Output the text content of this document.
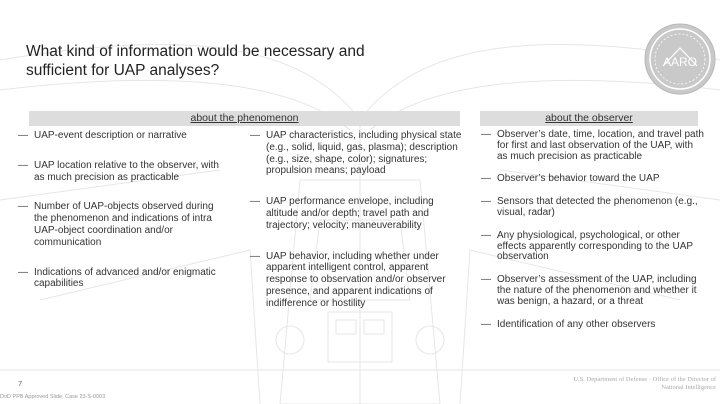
What kind of information would be necessary and sufficient for UAP analyses?	AARO
about the phenomenon	about the observer
— UAP-event description or narrative
— UAP location relative to the observer, with as much precision as practicable
— Number of UAP-objects observed during the phenomenon and indications of intra UAP-object coordination and/or communication
— Indications of advanced and/or enigmatic capabilities
— UAP characteristics, including physical state (e.g., solid, liquid, gas, plasma); description (e.g., size, shape, color); signatures; propulsion means; payload
— UAP performance envelope, including altitude and/or depth; travel path and trajectory; velocity; maneuverability
— UAP behavior, including whether under apparent intelligent control, apparent response to observation and/or observer presence, and apparent indications of indifference or hostility
— Observer’s date, time, location, and travel path for first and last observation of the UAP, with as much precision as practicable
— Observer’s behavior toward the UAP
— Sensors that detected the phenomenon (e.g., visual, radar)
— Any physiological, psychological, or other effects apparently corresponding to the UAP observation
— Observer’s assessment of the UAP, including the nature of the phenomenon and whether it was benign, a hazard, or a threat
— Identification of any other observers
7
DoD PPB Approved Slide, Case 23-S-0003
U.S. Department of Defense · Office of the Director of National Intelligence
